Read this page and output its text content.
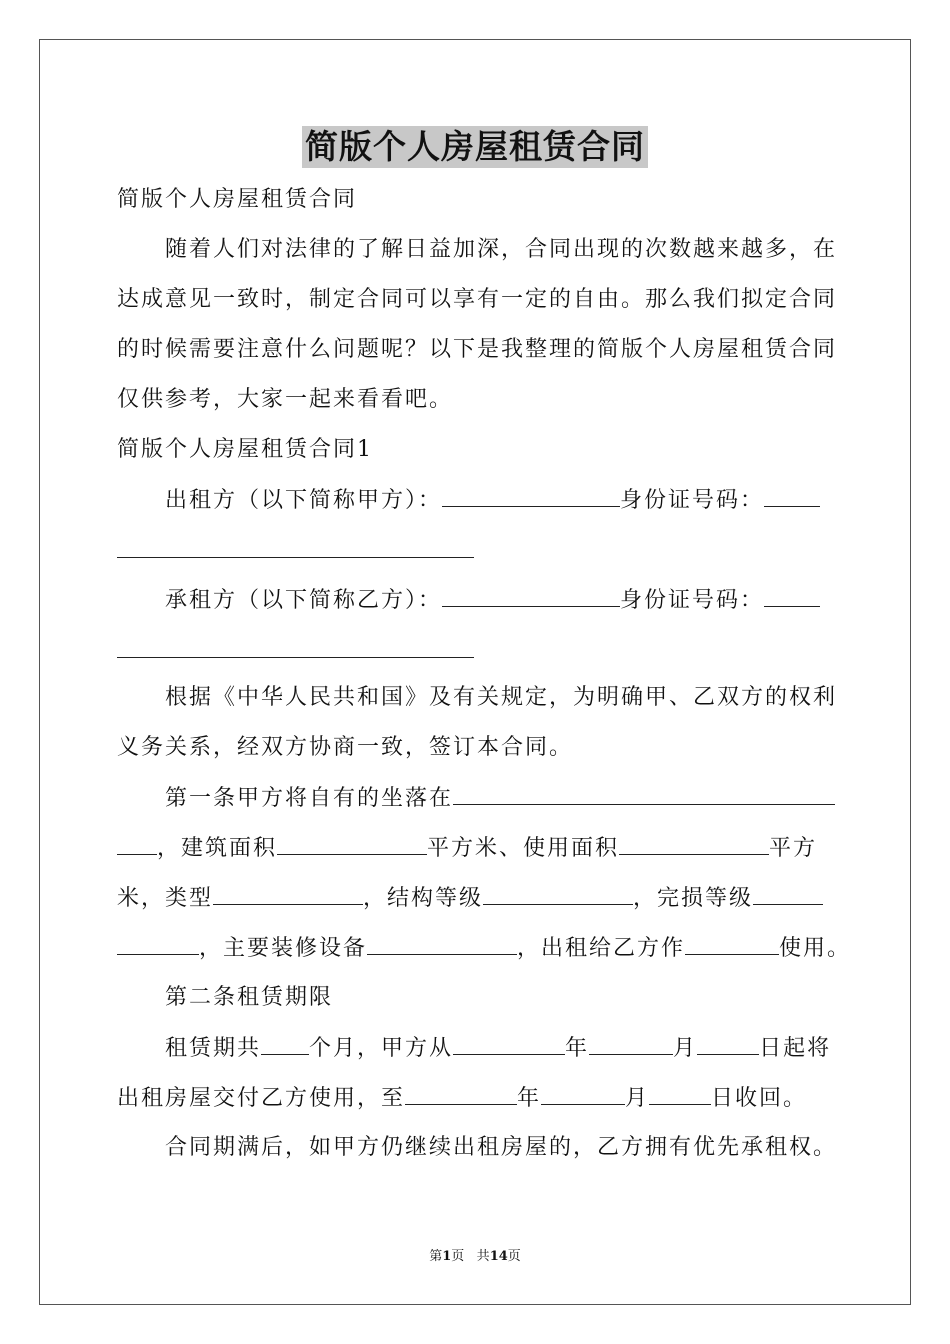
简版个人房屋租赁合同
简版个人房屋租赁合同
随着人们对法律的了解日益加深，合同出现的次数越来越多，在
达成意见一致时，制定合同可以享有一定的自由。那么我们拟定合同
的时候需要注意什么问题呢？以下是我整理的简版个人房屋租赁合同
仅供参考，大家一起来看看吧。
简版个人房屋租赁合同1
出租方（以下简称甲方）：	身份证号码：
承租方（以下简称乙方）：	身份证号码：
根据《中华人民共和国》及有关规定，为明确甲、乙双方的权利
义务关系，经双方协商一致，签订本合同。
第一条甲方将自有的坐落在
，建筑面积	平方米、使用面积	平方
米，类型	，结构等级	，完损等级
，主要装修设备	，出租给乙方作	使用。
第二条租赁期限
租赁期共 个月，甲方从	年	月	日起将
出租房屋交付乙方使用，至	年	月	日收回。
合同期满后，如甲方仍继续出租房屋的，乙方拥有优先承租权。
第1页 共14页
